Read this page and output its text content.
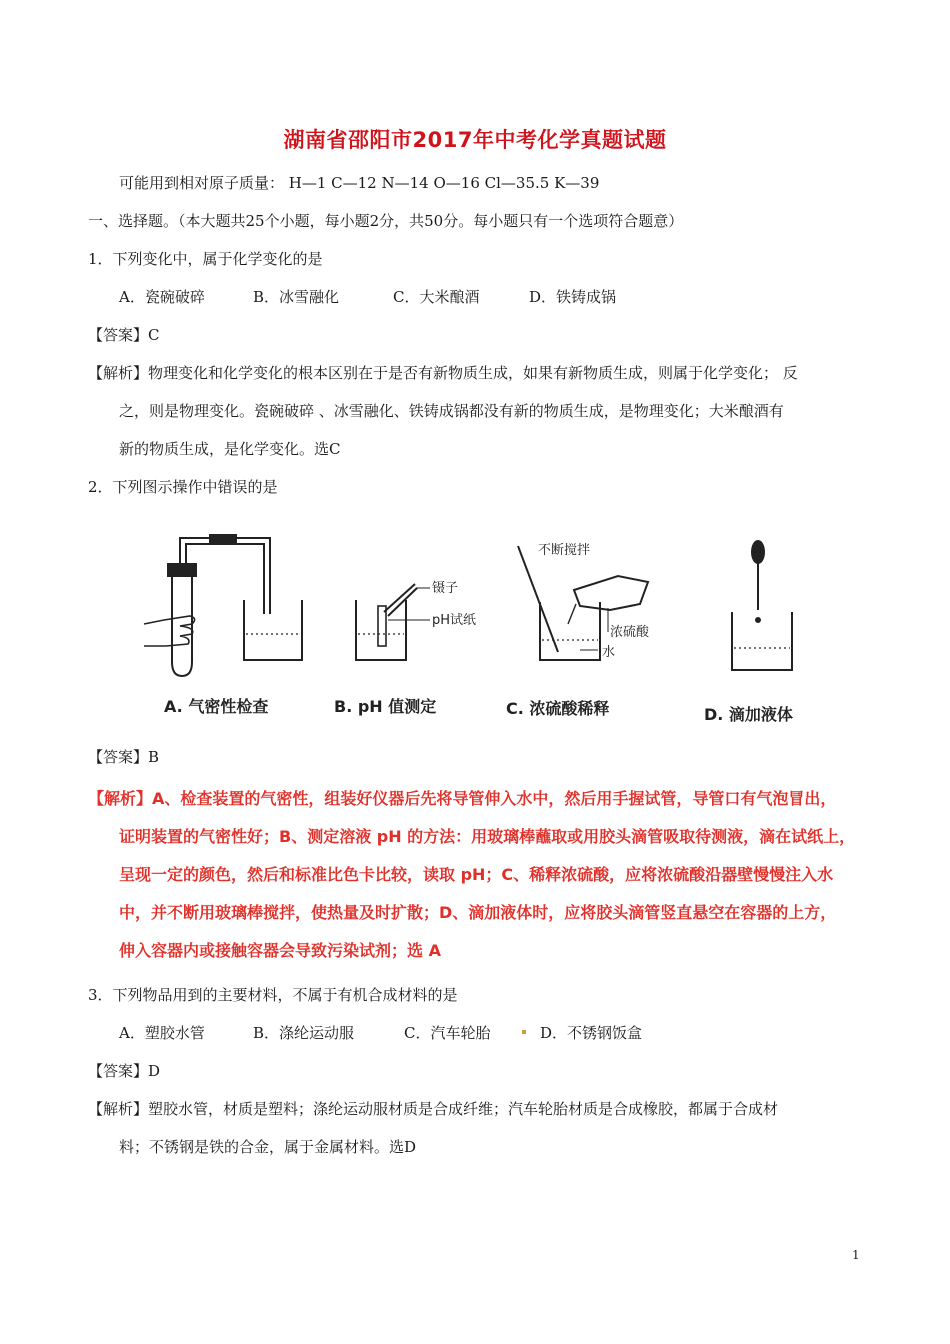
湖南省邵阳市2017年中考化学真题试题
可能用到相对原子质量： H—1 C—12 N—14 O—16 Cl—35.5 K—39
一、选择题。（本大题共25个小题，每小题2分，共50分。每小题只有一个选项符合题意）
1．下列变化中，属于化学变化的是
A．瓷碗破碎	B．冰雪融化	C．大米酿酒	D．铁铸成锅
【答案】C
【解析】物理变化和化学变化的根本区别在于是否有新物质生成，如果有新物质生成，则属于化学变化； 反
之，则是物理变化。瓷碗破碎 、冰雪融化、铁铸成锅都没有新的物质生成，是物理变化；大米酿酒有
新的物质生成，是化学变化。选C
2．下列图示操作中错误的是
镊子
pH试纸
不断搅拌
浓硫酸
水
A. 气密性检查	B. pH 值测定	C. 浓硫酸稀释	D. 滴加液体
【答案】B
【解析】A、检查装置的气密性，组装好仪器后先将导管伸入水中，然后用手握试管，导管口有气泡冒出，
证明装置的气密性好；B、测定溶液 pH 的方法：用玻璃棒蘸取或用胶头滴管吸取待测液，滴在试纸上，
呈现一定的颜色，然后和标准比色卡比较，读取 pH；C、稀释浓硫酸，应将浓硫酸沿器壁慢慢注入水
中，并不断用玻璃棒搅拌，使热量及时扩散；D、滴加液体时，应将胶头滴管竖直悬空在容器的上方，
伸入容器内或接触容器会导致污染试剂；选 A
3．下列物品用到的主要材料，不属于有机合成材料的是
A．塑胶水管	B．涤纶运动服	C．汽车轮胎	D．不锈钢饭盒
【答案】D
【解析】塑胶水管，材质是塑料；涤纶运动服材质是合成纤维；汽车轮胎材质是合成橡胶，都属于合成材
料；不锈钢是铁的合金，属于金属材料。选D
1
